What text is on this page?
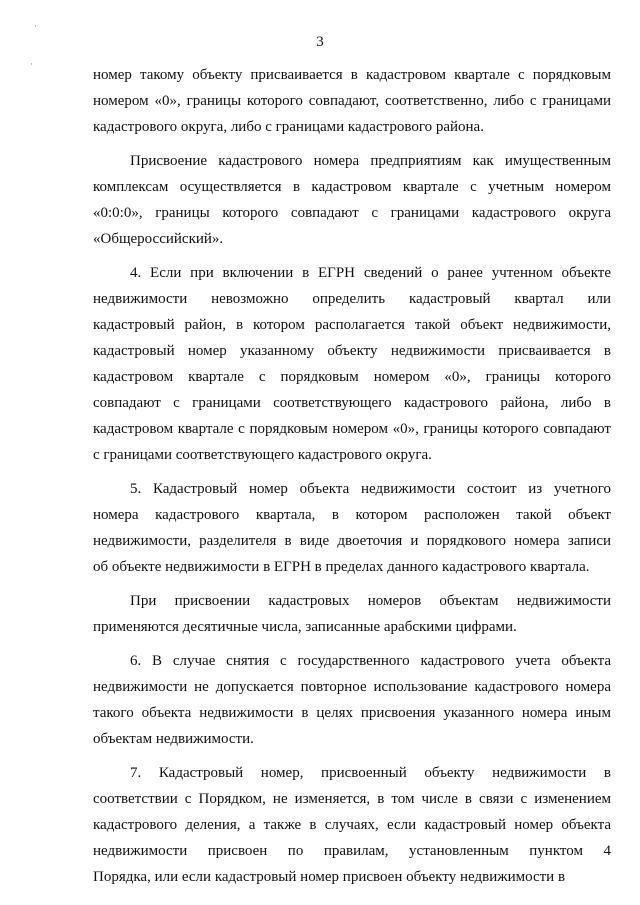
·
·
3
номер такому объекту присваивается в кадастровом квартале с порядковым
номером «0», границы которого совпадают, соответственно, либо с границами
кадастрового округа, либо с границами кадастрового района.
Присвоение кадастрового номера предприятиям как имущественным
комплексам осуществляется в кадастровом квартале с учетным номером
«0:0:0», границы которого совпадают с границами кадастрового округа
«Общероссийский».
4. Если при включении в ЕГРН сведений о ранее учтенном объекте
недвижимости невозможно определить кадастровый квартал или
кадастровый район, в котором располагается такой объект недвижимости,
кадастровый номер указанному объекту недвижимости присваивается в
кадастровом квартале с порядковым номером «0», границы которого
совпадают с границами соответствующего кадастрового района, либо в
кадастровом квартале с порядковым номером «0», границы которого совпадают
с границами соответствующего кадастрового округа.
5. Кадастровый номер объекта недвижимости состоит из учетного
номера кадастрового квартала, в котором расположен такой объект
недвижимости, разделителя в виде двоеточия и порядкового номера записи
об объекте недвижимости в ЕГРН в пределах данного кадастрового квартала.
При присвоении кадастровых номеров объектам недвижимости
применяются десятичные числа, записанные арабскими цифрами.
6. В случае снятия с государственного кадастрового учета объекта
недвижимости не допускается повторное использование кадастрового номера
такого объекта недвижимости в целях присвоения указанного номера иным
объектам недвижимости.
7. Кадастровый номер, присвоенный объекту недвижимости в
соответствии с Порядком, не изменяется, в том числе в связи с изменением
кадастрового деления, а также в случаях, если кадастровый номер объекта
недвижимости присвоен по правилам, установленным пунктом 4
Порядка, или если кадастровый номер присвоен объекту недвижимости в
